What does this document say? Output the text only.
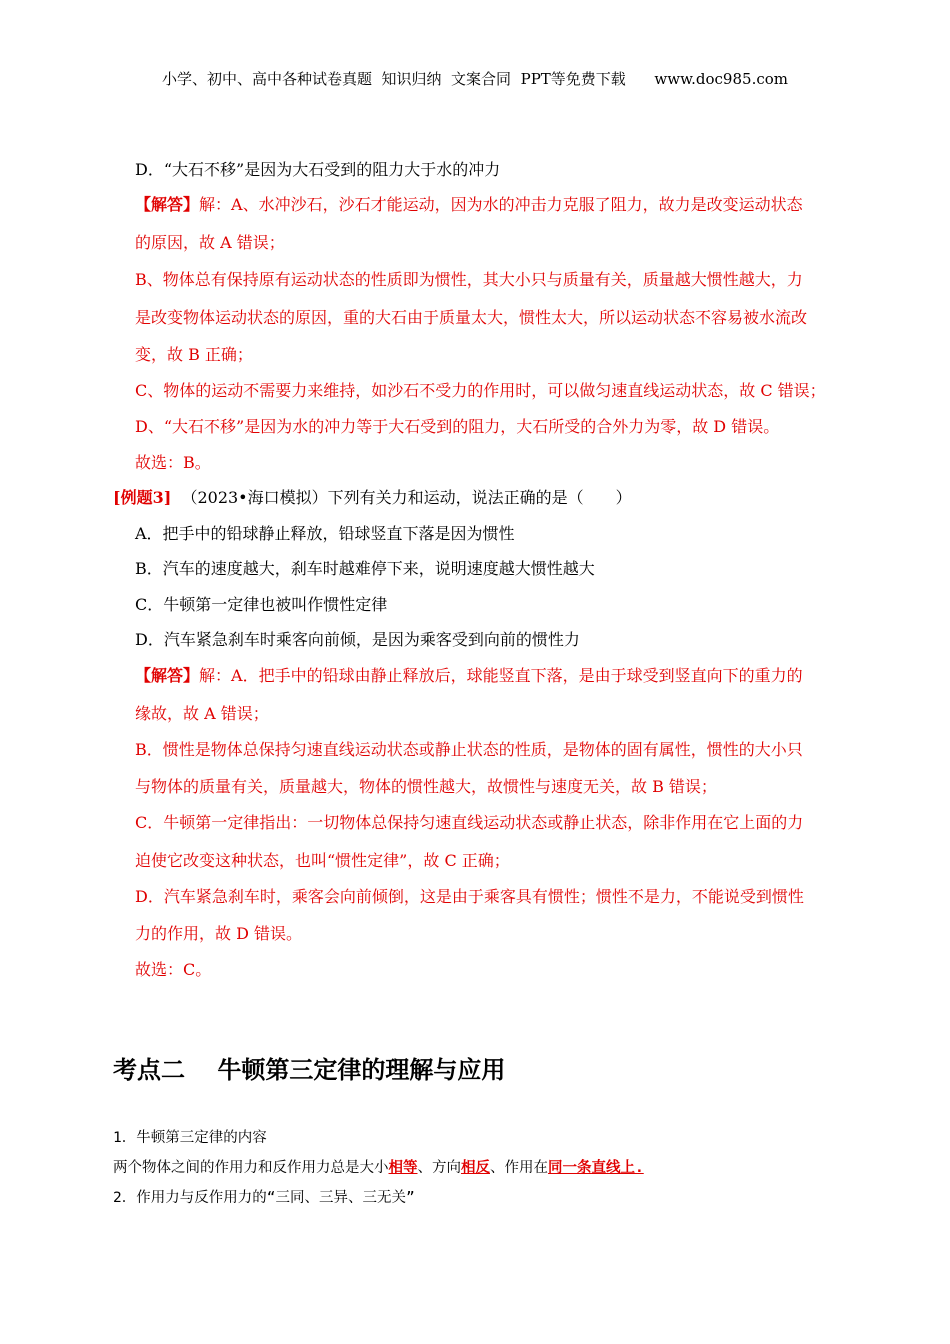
小学、初中、高中各种试卷真题  知识归纳  文案合同  PPT等免费下载      www.doc985.com
D．“大石不移”是因为大石受到的阻力大于水的冲力
【解答】解：A、水冲沙石，沙石才能运动，因为水的冲击力克服了阻力，故力是改变运动状态
的原因，故 A 错误；
B、物体总有保持原有运动状态的性质即为惯性，其大小只与质量有关，质量越大惯性越大，力
是改变物体运动状态的原因，重的大石由于质量太大，惯性太大，所以运动状态不容易被水流改
变，故 B 正确；
C、物体的运动不需要力来维持，如沙石不受力的作用时，可以做匀速直线运动状态，故 C 错误；
D、“大石不移”是因为水的冲力等于大石受到的阻力，大石所受的合外力为零，故 D 错误。
故选：B。
[例题3] （2023•海口模拟）下列有关力和运动，说法正确的是（　　）
A．把手中的铅球静止释放，铅球竖直下落是因为惯性
B．汽车的速度越大，刹车时越难停下来，说明速度越大惯性越大
C．牛顿第一定律也被叫作惯性定律
D．汽车紧急刹车时乘客向前倾，是因为乘客受到向前的惯性力
【解答】解：A．把手中的铅球由静止释放后，球能竖直下落，是由于球受到竖直向下的重力的
缘故，故 A 错误；
B．惯性是物体总保持匀速直线运动状态或静止状态的性质，是物体的固有属性，惯性的大小只
与物体的质量有关，质量越大，物体的惯性越大，故惯性与速度无关，故 B 错误；
C．牛顿第一定律指出：一切物体总保持匀速直线运动状态或静止状态，除非作用在它上面的力
迫使它改变这种状态，也叫“惯性定律”，故 C 正确；
D．汽车紧急刹车时，乘客会向前倾倒，这是由于乘客具有惯性；惯性不是力，不能说受到惯性
力的作用，故 D 错误。
故选：C。
考点二　 牛顿第三定律的理解与应用
1．牛顿第三定律的内容
两个物体之间的作用力和反作用力总是大小相等、方向相反、作用在同一条直线上.
2．作用力与反作用力的“三同、三异、三无关”
